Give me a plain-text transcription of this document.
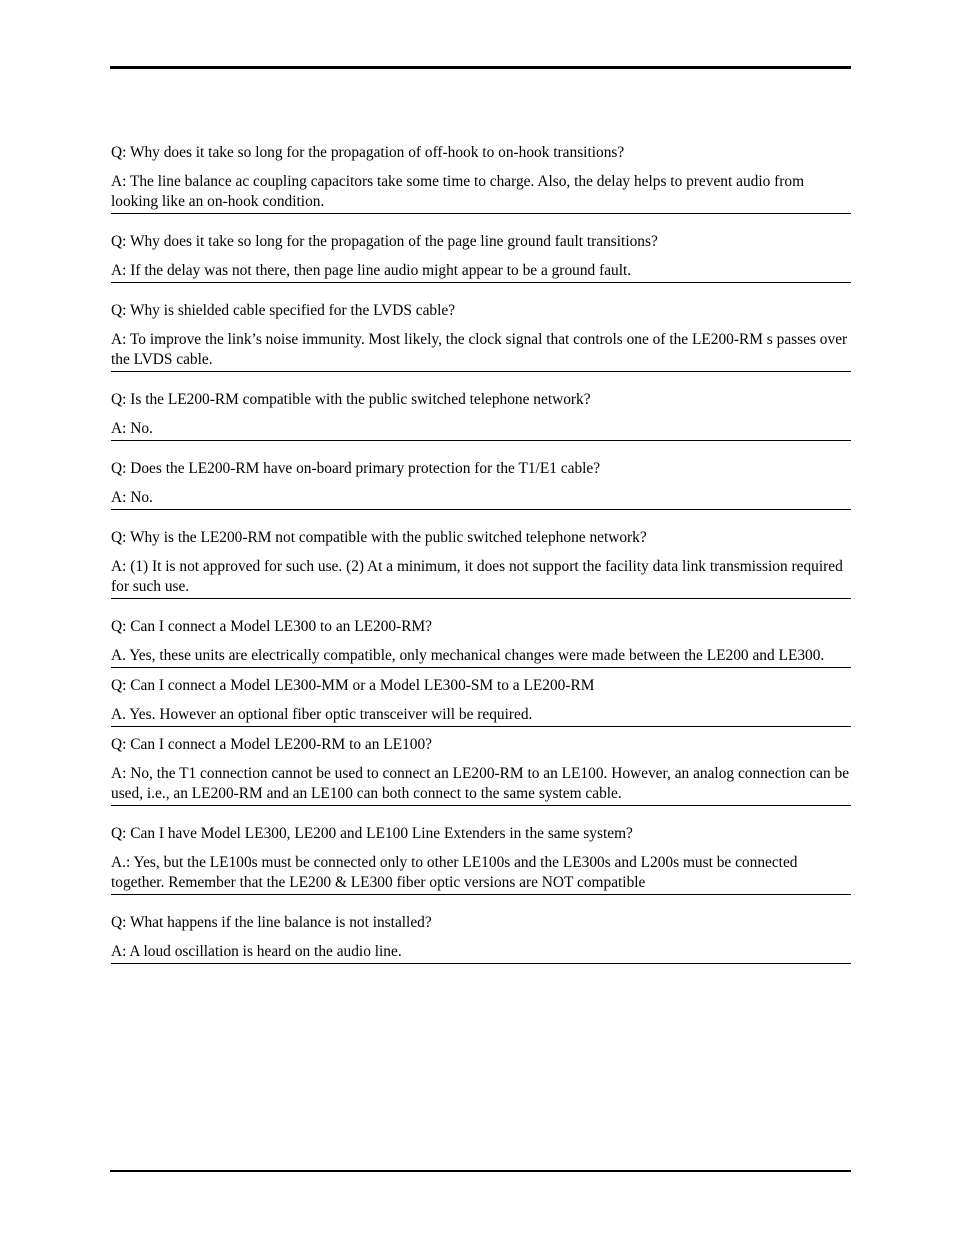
Q: Why does it take so long for the propagation of off-hook to on-hook transitions?

A: The line balance ac coupling capacitors take some time to charge. Also, the delay helps to prevent audio from looking like an on-hook condition.

Q: Why does it take so long for the propagation of the page line ground fault transitions?

A: If the delay was not there, then page line audio might appear to be a ground fault.

Q: Why is shielded cable specified for the LVDS cable?

A: To improve the link’s noise immunity. Most likely, the clock signal that controls one of the LE200-RM s passes over the LVDS cable.

Q: Is the LE200-RM compatible with the public switched telephone network?

A: No.

Q: Does the LE200-RM have on-board primary protection for the T1/E1 cable?

A: No.

Q: Why is the LE200-RM not compatible with the public switched telephone network?

A: (1) It is not approved for such use. (2) At a minimum, it does not support the facility data link transmission required for such use.

Q: Can I connect a Model LE300 to an LE200-RM?

A. Yes, these units are electrically compatible, only mechanical changes were made between the LE200 and LE300.

Q: Can I connect a Model LE300-MM or a Model LE300-SM to a LE200-RM

A. Yes. However an optional fiber optic transceiver will be required.

Q: Can I connect a Model LE200-RM to an LE100?

A: No, the T1 connection cannot be used to connect an LE200-RM to an LE100. However, an analog connection can be used, i.e., an LE200-RM and an LE100 can both connect to the same system cable.

Q: Can I have Model LE300, LE200 and LE100 Line Extenders in the same system?

A.: Yes, but the LE100s must be connected only to other LE100s and the LE300s and L200s must be connected together. Remember that the LE200 & LE300 fiber optic versions are NOT compatible

Q: What happens if the line balance is not installed?

A: A loud oscillation is heard on the audio line.
